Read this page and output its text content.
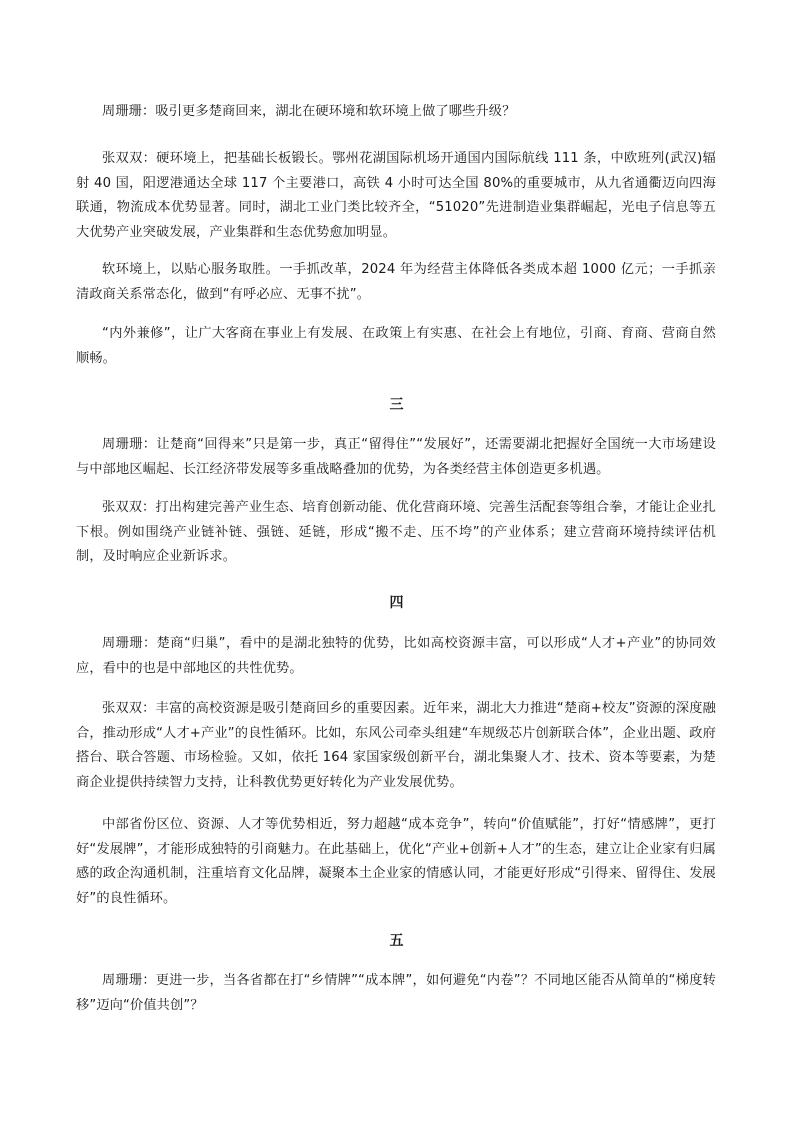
周珊珊：吸引更多楚商回来，湖北在硬环境和软环境上做了哪些升级？

张双双：硬环境上，把基础长板锻长。鄂州花湖国际机场开通国内国际航线 111 条，中欧班列(武汉)辐射 40 国，阳逻港通达全球 117 个主要港口，高铁 4 小时可达全国 80%的重要城市，从九省通衢迈向四海联通，物流成本优势显著。同时，湖北工业门类比较齐全，“51020”先进制造业集群崛起，光电子信息等五大优势产业突破发展，产业集群和生态优势愈加明显。

软环境上，以贴心服务取胜。一手抓改革，2024 年为经营主体降低各类成本超 1000 亿元；一手抓亲清政商关系常态化，做到“有呼必应、无事不扰”。

“内外兼修”，让广大客商在事业上有发展、在政策上有实惠、在社会上有地位，引商、育商、营商自然顺畅。

三

周珊珊：让楚商“回得来”只是第一步，真正“留得住”“发展好”，还需要湖北把握好全国统一大市场建设与中部地区崛起、长江经济带发展等多重战略叠加的优势，为各类经营主体创造更多机遇。

张双双：打出构建完善产业生态、培育创新动能、优化营商环境、完善生活配套等组合拳，才能让企业扎下根。例如围绕产业链补链、强链、延链，形成“搬不走、压不垮”的产业体系；建立营商环境持续评估机制，及时响应企业新诉求。

四

周珊珊：楚商“归巢”，看中的是湖北独特的优势，比如高校资源丰富，可以形成“人才+产业”的协同效应，看中的也是中部地区的共性优势。

张双双：丰富的高校资源是吸引楚商回乡的重要因素。近年来，湖北大力推进“楚商+校友”资源的深度融合，推动形成“人才+产业”的良性循环。比如，东风公司牵头组建“车规级芯片创新联合体”，企业出题、政府搭台、联合答题、市场检验。又如，依托 164 家国家级创新平台，湖北集聚人才、技术、资本等要素，为楚商企业提供持续智力支持，让科教优势更好转化为产业发展优势。

中部省份区位、资源、人才等优势相近，努力超越“成本竞争”，转向“价值赋能”，打好“情感牌”，更打好“发展牌”，才能形成独特的引商魅力。在此基础上，优化“产业+创新+人才”的生态，建立让企业家有归属感的政企沟通机制，注重培育文化品牌，凝聚本土企业家的情感认同，才能更好形成“引得来、留得住、发展好”的良性循环。

五

周珊珊：更进一步，当各省都在打“乡情牌”“成本牌”，如何避免“内卷”？不同地区能否从简单的“梯度转移”迈向“价值共创”？
